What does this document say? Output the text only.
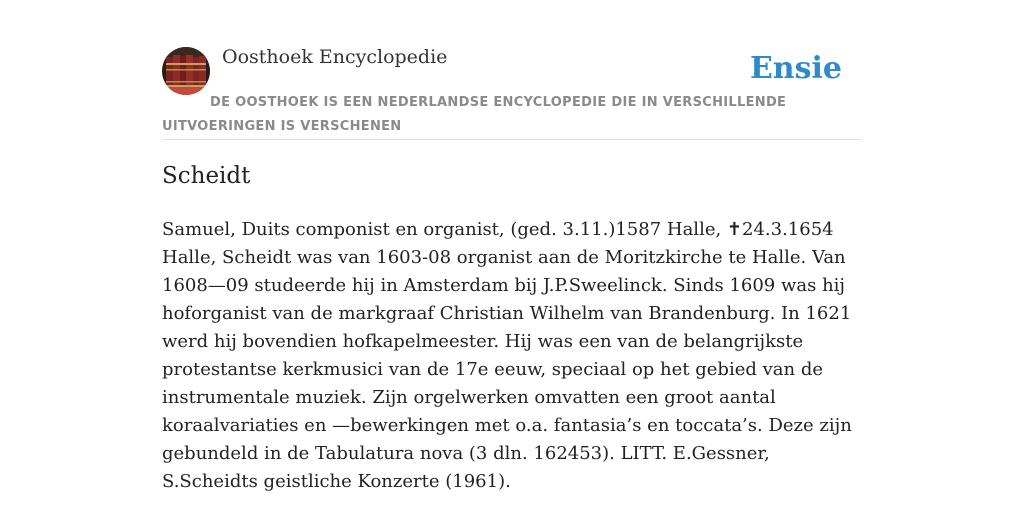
Oosthoek Encyclopedie	Ensie
DE OOSTHOEK IS EEN NEDERLANDSE ENCYCLOPEDIE DIE IN VERSCHILLENDE UITVOERINGEN IS VERSCHENEN
Scheidt

Samuel, Duits componist en organist, (ged. 3.11.)1587 Halle, ✝24.3.1654 Halle, Scheidt was van 1603-08 organist aan de Moritzkirche te Halle. Van 1608—09 studeerde hij in Amsterdam bij J.P.Sweelinck. Sinds 1609 was hij hoforganist van de markgraaf Christian Wilhelm van Brandenburg. In 1621 werd hij bovendien hofkapelmeester. Hij was een van de belangrijkste protestantse kerkmusici van de 17e eeuw, speciaal op het gebied van de instrumentale muziek. Zijn orgelwerken omvatten een groot aantal koraalvariaties en —bewerkingen met o.a. fantasia’s en toccata’s. Deze zijn gebundeld in de Tabulatura nova (3 dln. 162453). LITT. E.Gessner, S.Scheidts geistliche Konzerte (1961).
